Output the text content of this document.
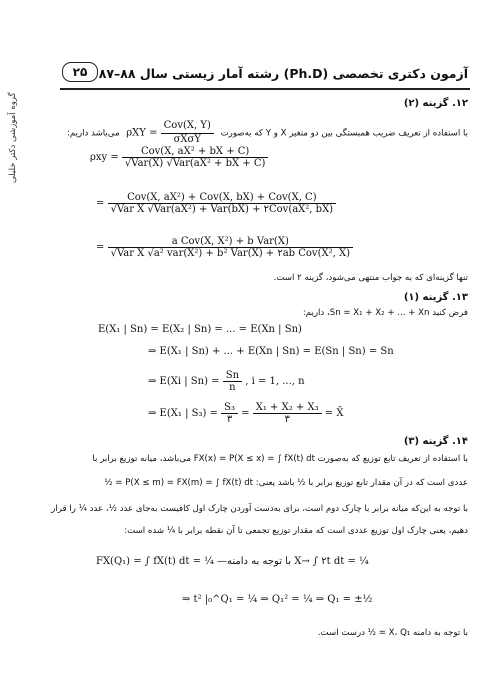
۲۵ آزمون دکتری تخصصی (Ph.D) رشته آمار زیستی سال ۸۸–۸۷
گروه آموزشی دکتر خلیلی	۱۲. گزینه (۲)
با استفاده از تعریف ضریب همبستگی بین دو متغیر X و Y که به‌صورت $\rho XY = \frac{\text{Cov(X, Y)}}{\text{σXσY}}$
می‌باشد داریم:
$\rho xy = \frac{\text{Cov(X, aX² + bX + C)}}{\text{√Var(X) √Var(aX² + bX + C)}}$
= $\frac{\text{Cov(X, aX²) + Cov(X, bX) + Cov(X, C)}}{\text{√Var X √Var(aX²) + Var(bX) + ۲Cov(aX², bX)}}$
= $\frac{\text{a Cov(X, X²) + b Var(X)}}{\text{√Var X √a² var(X²) + b² Var(X) + ۲ab Cov(X², X)}}$
تنها گزینه‌ای که به جواب منتهی می‌شود، گزینه ۲ است.
۱۳. گزینه (۱)
فرض کنید Sn = X₁ + X₂ + ... + Xn، داریم:
E(X₁ | Sn) = E(X₂ | Sn) = ... = E(Xn | Sn)
⇒ E(X₁ | Sn) + ... + E(Xn | Sn) = E(Sn | Sn) = Sn
⇒ E(Xi | $Sn) = \frac{Sn}{n}$ , i = 1, ..., n
⇒ E(X₁ | $S_3) = \frac{\text{S₃}}{۳} = \frac{\text{X₁ + X₂ + X₃}}{۳}$ = X̄
۱۴. گزینه (۳)
با استفاده از تعریف تابع توزیع که به‌صورت FX(x) = P(X ≤ x) = ∫ fX(t) dt می‌باشد، میانه توزیع برابر با
عددی است که در آن مقدار تابع توزیع برابر با ½ باشد یعنی: P(X ≤ m) = FX(m) = ∫ fX(t) dt = ½
با توجه به این‌که میانه برابر با چارک دوم است، برای به‌دست آوردن چارک اول کافیست به‌جای عدد ½، عدد ¼ را قرار
دهیم، یعنی چارک اول توزیع عددی است که مقدار توزیع تجمعی تا آن نقطه برابر با ¼ شده است:
FX(Q₁) = ∫ fX(t) dt = ¼ —با توجه به دامنه X→ ∫ ۲t dt = ¼
⇒ t² |₀^Q₁ = ¼ ⇒ Q₁² = ¼ ⇒ Q₁ = ±½
با توجه به دامنه X، Q₁ = ½ درست است.
